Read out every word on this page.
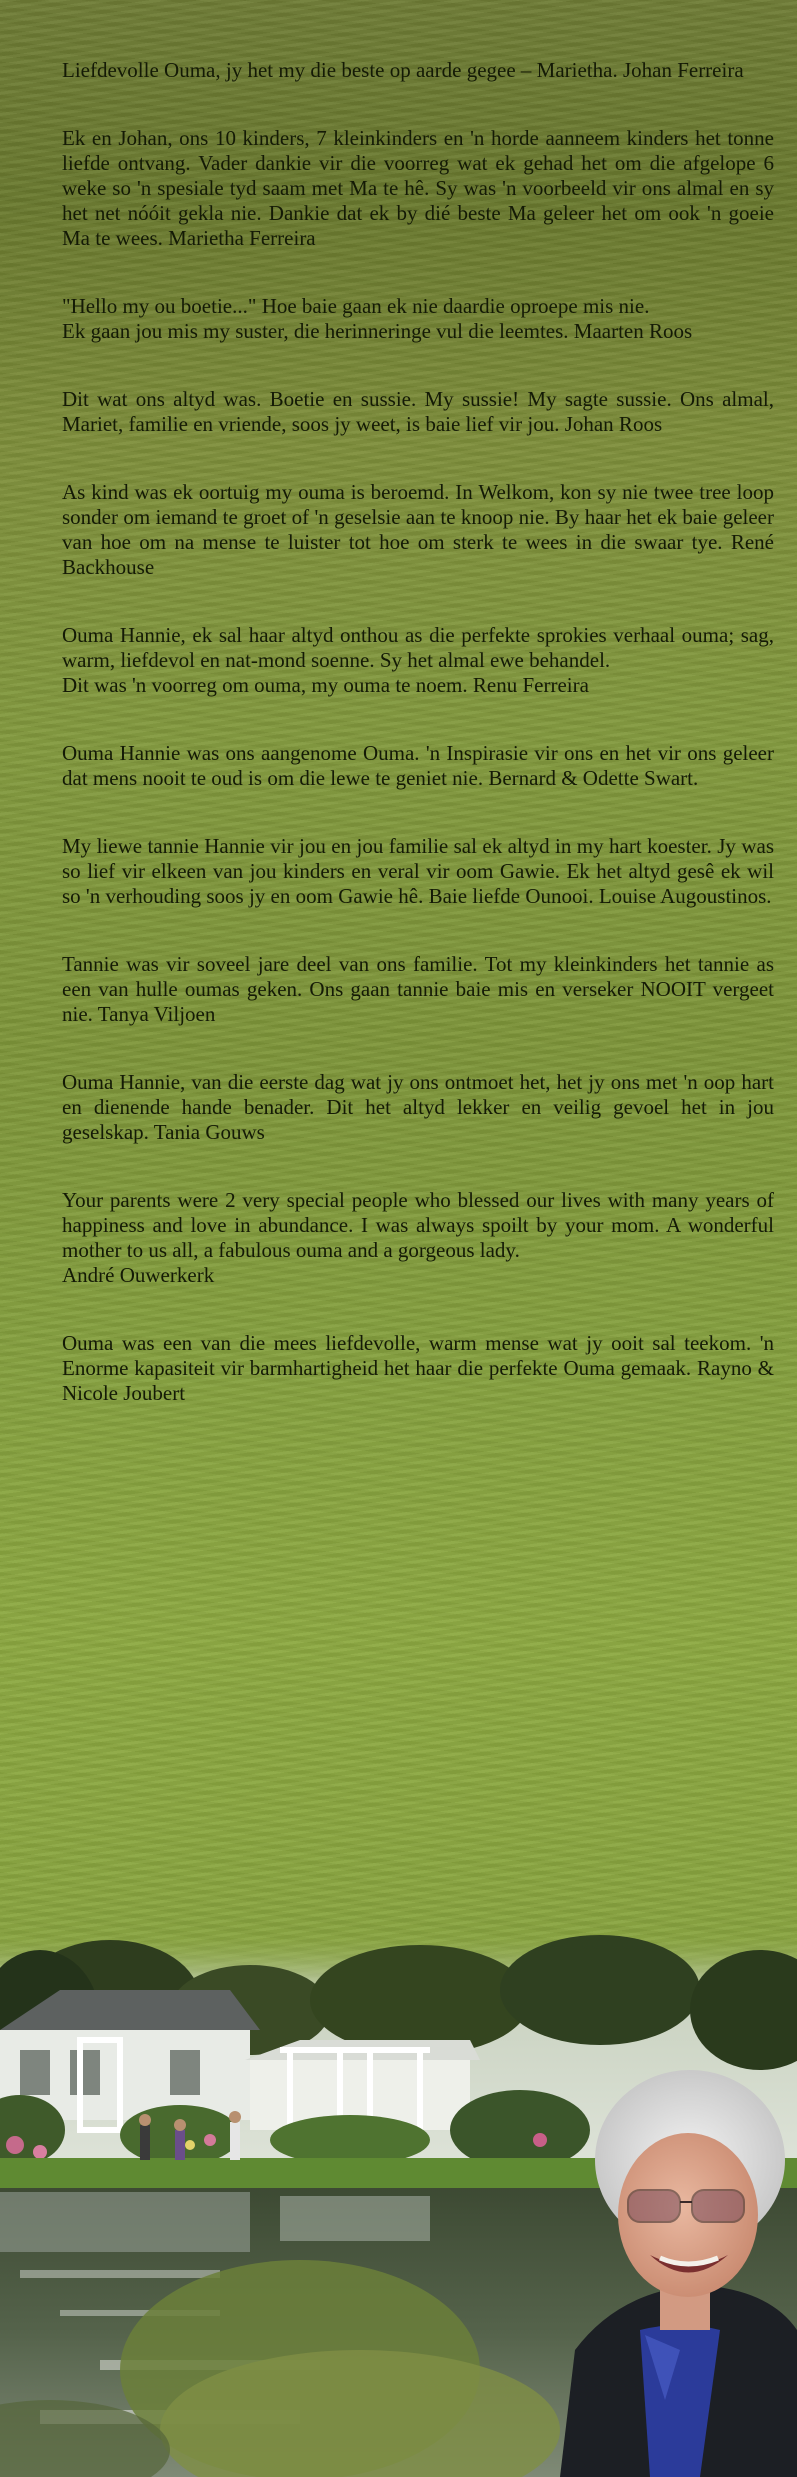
Liefdevolle Ouma, jy het my die beste op aarde gegee – Marietha. Johan Ferreira

Ek en Johan, ons 10 kinders, 7 kleinkinders en 'n horde aanneem kinders het tonne liefde ontvang. Vader dankie vir die voorreg wat ek gehad het om die afgelope 6 weke so 'n spesiale tyd saam met Ma te hê. Sy was 'n voorbeeld vir ons almal en sy het net nóóit gekla nie. Dankie dat ek by dié beste Ma geleer het om ook 'n goeie Ma te wees. Marietha Ferreira

"Hello my ou boetie..." Hoe baie gaan ek nie daardie oproepe mis nie.
Ek gaan jou mis my suster, die herinneringe vul die leemtes. Maarten Roos

Dit wat ons altyd was. Boetie en sussie. My sussie! My sagte sussie. Ons almal, Mariet, familie en vriende, soos jy weet, is baie lief vir jou. Johan Roos

As kind was ek oortuig my ouma is beroemd. In Welkom, kon sy nie twee tree loop sonder om iemand te groet of 'n geselsie aan te knoop nie. By haar het ek baie geleer van hoe om na mense te luister tot hoe om sterk te wees in die swaar tye. René Backhouse

Ouma Hannie, ek sal haar altyd onthou as die perfekte sprokies verhaal ouma; sag, warm, liefdevol en nat-mond soenne. Sy het almal ewe behandel.
Dit was 'n voorreg om ouma, my ouma te noem. Renu Ferreira

Ouma Hannie was ons aangenome Ouma. 'n Inspirasie vir ons en het vir ons geleer dat mens nooit te oud is om die lewe te geniet nie. Bernard & Odette Swart.

My liewe tannie Hannie vir jou en jou familie sal ek altyd in my hart koester. Jy was so lief vir elkeen van jou kinders en veral vir oom Gawie. Ek het altyd gesê ek wil so 'n verhouding soos jy en oom Gawie hê. Baie liefde Ounooi. Louise Augoustinos.

Tannie was vir soveel jare deel van ons familie. Tot my kleinkinders het tannie as een van hulle oumas geken. Ons gaan tannie baie mis en verseker NOOIT vergeet nie. Tanya Viljoen

Ouma Hannie, van die eerste dag wat jy ons ontmoet het, het jy ons met 'n oop hart en dienende hande benader. Dit het altyd lekker en veilig gevoel het in jou geselskap. Tania Gouws

Your parents were 2 very special people who blessed our lives with many years of happiness and love in abundance. I was always spoilt by your mom. A wonderful mother to us all, a fabulous ouma and a gorgeous lady.
André Ouwerkerk

Ouma was een van die mees liefdevolle, warm mense wat jy ooit sal teekom. 'n Enorme kapasiteit vir barmhartigheid het haar die perfekte Ouma gemaak. Rayno & Nicole Joubert
